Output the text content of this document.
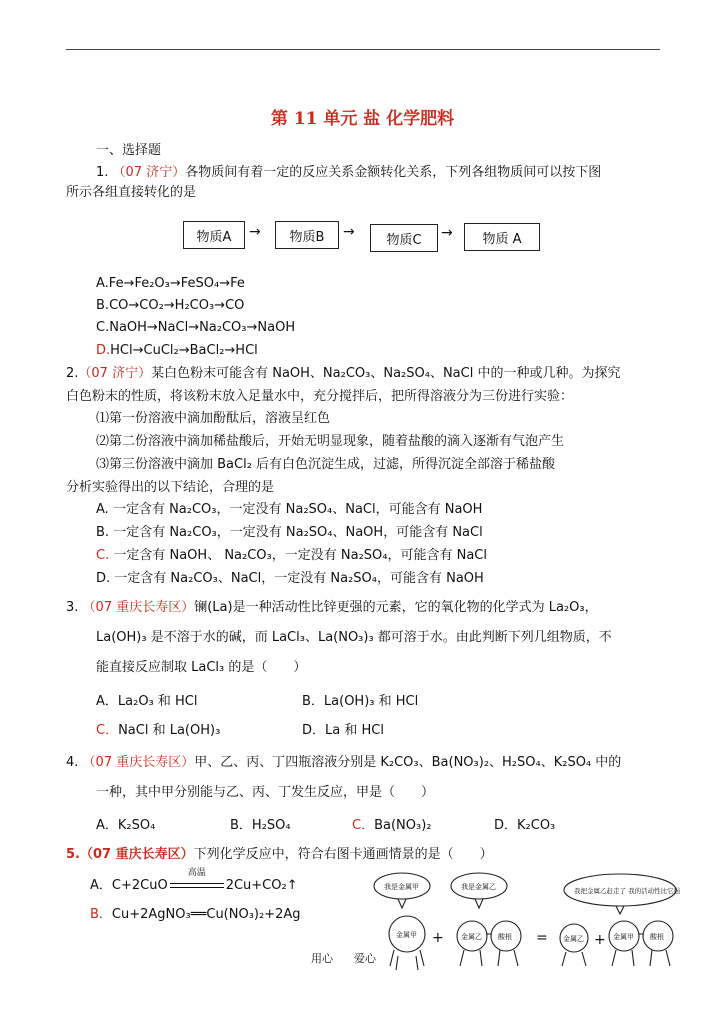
第 11 单元 盐 化学肥料
一、选择题
1. （07 济宁）各物质间有着一定的反应关系金额转化关系，下列各组物质间可以按下图
所示各组直接转化的是
物质A → 物质B → 物质C → 物质 A
A.Fe→Fe₂O₃→FeSO₄→Fe
B.CO→CO₂→H₂CO₃→CO
C.NaOH→NaCl→Na₂CO₃→NaOH
D.HCl→CuCl₂→BaCl₂→HCl
2.（07 济宁）某白色粉末可能含有 NaOH、Na₂CO₃、Na₂SO₄、NaCl 中的一种或几种。为探究
白色粉末的性质，将该粉末放入足量水中，充分搅拌后，把所得溶液分为三份进行实验：
⑴第一份溶液中滴加酚酞后，溶液呈红色
⑵第二份溶液中滴加稀盐酸后，开始无明显现象，随着盐酸的滴入逐渐有气泡产生
⑶第三份溶液中滴加 BaCl₂ 后有白色沉淀生成，过滤，所得沉淀全部溶于稀盐酸
分析实验得出的以下结论，合理的是
A. 一定含有 Na₂CO₃，一定没有 Na₂SO₄、NaCl，可能含有 NaOH
B. 一定含有 Na₂CO₃，一定没有 Na₂SO₄、NaOH，可能含有 NaCl
C. 一定含有 NaOH、 Na₂CO₃，一定没有 Na₂SO₄，可能含有 NaCl
D. 一定含有 Na₂CO₃、NaCl，一定没有 Na₂SO₄，可能含有 NaOH
3. （07 重庆长寿区）镧(La)是一种活动性比锌更强的元素，它的氧化物的化学式为 La₂O₃，
La(OH)₃ 是不溶于水的碱，而 LaCl₃、La(NO₃)₃ 都可溶于水。由此判断下列几组物质，不
能直接反应制取 LaCl₃ 的是（　　）
A．La₂O₃ 和 HCl	B．La(OH)₃ 和 HCl
C．NaCl 和 La(OH)₃	D．La 和 HCl
4. （07 重庆长寿区）甲、乙、丙、丁四瓶溶液分别是 K₂CO₃、Ba(NO₃)₂、H₂SO₄、K₂SO₄ 中的
一种，其中甲分别能与乙、丙、丁发生反应，甲是（　　）
A．K₂SO₄	B．H₂SO₄	C．Ba(NO₃)₂	D．K₂CO₃
5.（07 重庆长寿区）下列化学反应中，符合右图卡通画情景的是（　　）
A．C+2CuO
高温
2Cu+CO₂↑
B．Cu+2AgNO₃══Cu(NO₃)₂+2Ag
我是金属甲	我是金属乙	我把金属乙赶走了 我的活动性比它强
金属甲	金属乙 酸根	金属乙	金属甲 酸根
+	=	+
用心 爱心
